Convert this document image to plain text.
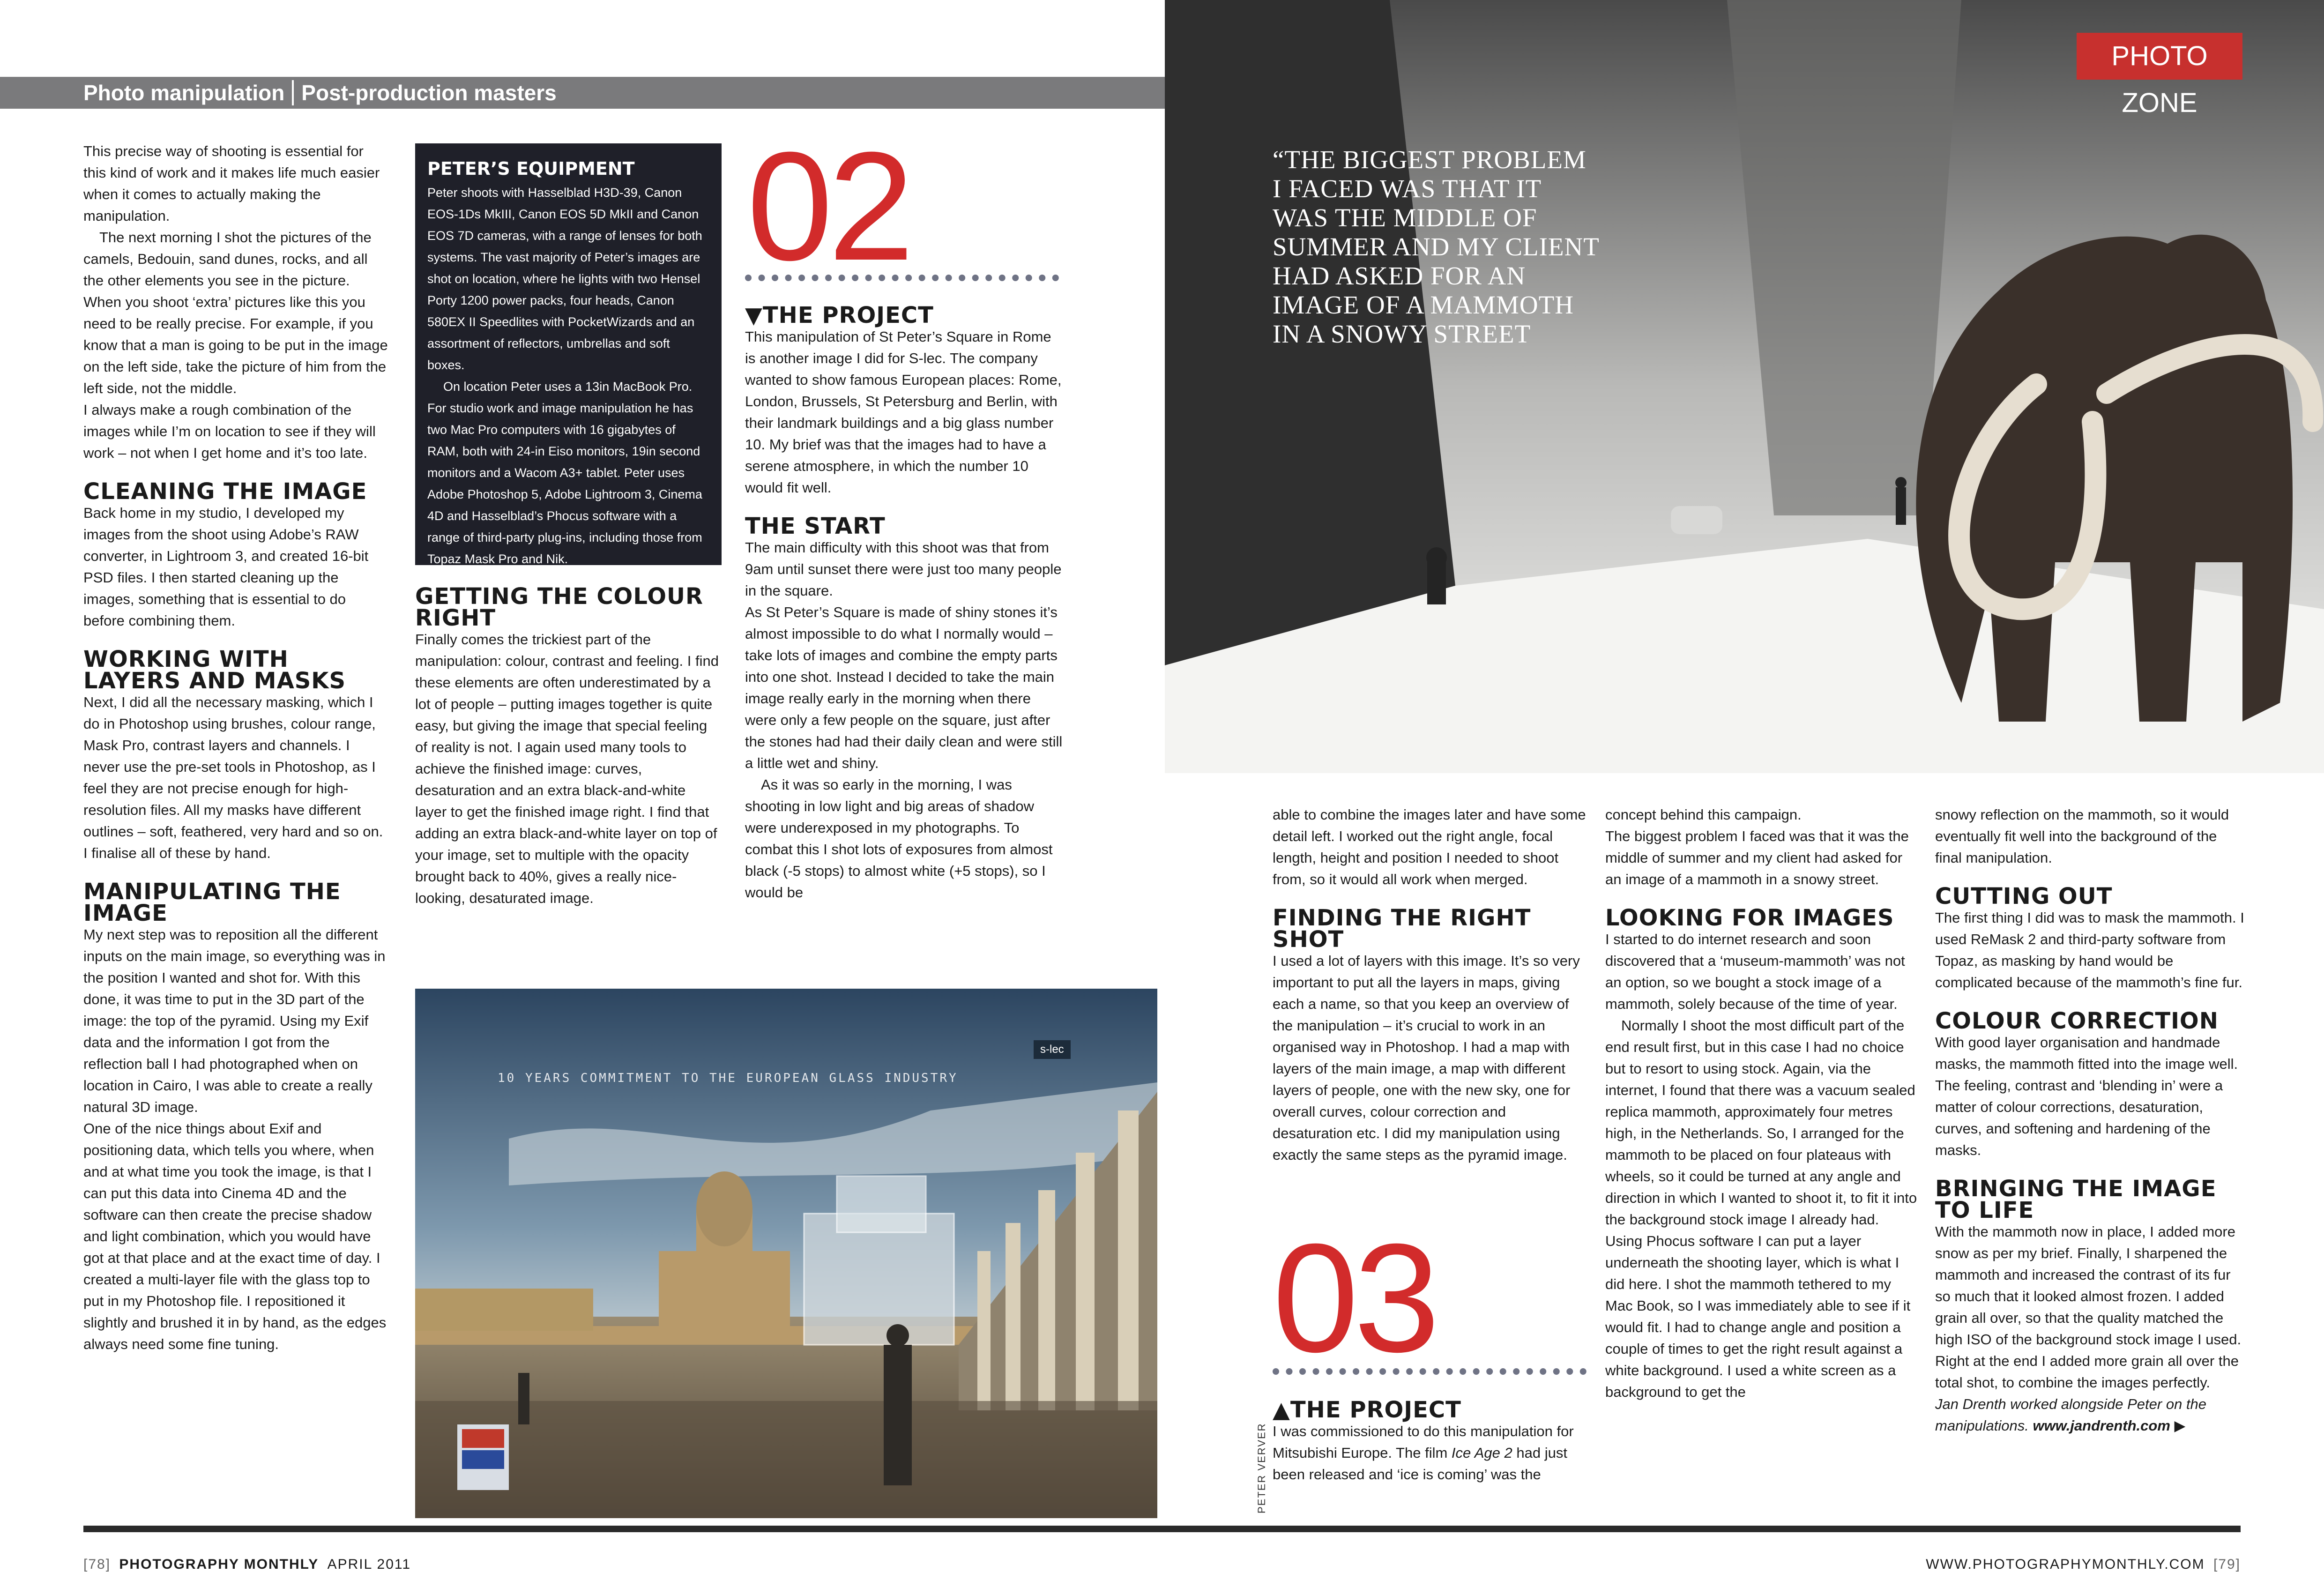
Photo manipulation Post-production masters

This precise way of shooting is essential for this kind of work and it makes life much easier when it comes to actually making the manipulation.

The next morning I shot the pictures of the camels, Bedouin, sand dunes, rocks, and all the other elements you see in the picture. When you shoot ‘extra’ pictures like this you need to be really precise. For example, if you know that a man is going to be put in the image on the left side, take the picture of him from the left side, not the middle.

I always make a rough combination of the images while I’m on location to see if they will work – not when I get home and it’s too late.

CLEANING THE IMAGE

Back home in my studio, I developed my images from the shoot using Adobe’s RAW converter, in Lightroom 3, and created 16-bit PSD files. I then started cleaning up the images, something that is essential to do before combining them.

WORKING WITH LAYERS AND MASKS

Next, I did all the necessary masking, which I do in Photoshop using brushes, colour range, Mask Pro, contrast layers and channels. I never use the pre-set tools in Photoshop, as I feel they are not precise enough for high-resolution files. All my masks have different outlines – soft, feathered, very hard and so on. I finalise all of these by hand.

MANIPULATING THE IMAGE

My next step was to reposition all the different inputs on the main image, so everything was in the position I wanted and shot for. With this done, it was time to put in the 3D part of the image: the top of the pyramid. Using my Exif data and the information I got from the reflection ball I had photographed when on location in Cairo, I was able to create a really natural 3D image.

One of the nice things about Exif and positioning data, which tells you where, when and at what time you took the image, is that I can put this data into Cinema 4D and the software can then create the precise shadow and light combination, which you would have got at that place and at the exact time of day. I created a multi-layer file with the glass top to put in my Photoshop file. I repositioned it slightly and brushed it in by hand, as the edges always need some fine tuning.

PETER’S EQUIPMENT

Peter shoots with Hasselblad H3D-39, Canon EOS-1Ds MkIII, Canon EOS 5D MkII and Canon EOS 7D cameras, with a range of lenses for both systems. The vast majority of Peter’s images are shot on location, where he lights with two Hensel Porty 1200 power packs, four heads, Canon 580EX II Speedlites with PocketWizards and an assortment of reflectors, umbrellas and soft boxes.

On location Peter uses a 13in MacBook Pro. For studio work and image manipulation he has two Mac Pro computers with 16 gigabytes of RAM, both with 24-in Eiso monitors, 19in second monitors and a Wacom A3+ tablet. Peter uses Adobe Photoshop 5, Adobe Lightroom 3, Cinema 4D and Hasselblad’s Phocus software with a range of third-party plug-ins, including those from Topaz Mask Pro and Nik.

GETTING THE COLOUR RIGHT

Finally comes the trickiest part of the manipulation: colour, contrast and feeling. I find these elements are often underestimated by a lot of people – putting images together is quite easy, but giving the image that special feeling of reality is not. I again used many tools to achieve the finished image: curves, desaturation and an extra black-and-white layer to get the finished image right. I find that adding an extra black-and-white layer on top of your image, set to multiple with the opacity brought back to 40%, gives a really nice-looking, desaturated image.

02
▼THE PROJECT

This manipulation of St Peter’s Square in Rome is another image I did for S-lec. The company wanted to show famous European places: Rome, London, Brussels, St Petersburg and Berlin, with their landmark buildings and a big glass number 10. My brief was that the images had to have a serene atmosphere, in which the number 10 would fit well.

THE START

The main difficulty with this shoot was that from 9am until sunset there were just too many people in the square.

As St Peter’s Square is made of shiny stones it’s almost impossible to do what I normally would – take lots of images and combine the empty parts into one shot. Instead I decided to take the main image really early in the morning when there were only a few people on the square, just after the stones had had their daily clean and were still a little wet and shiny.

As it was so early in the morning, I was shooting in low light and big areas of shadow were underexposed in my photographs. To combat this I shot lots of exposures from almost black (-5 stops) to almost white (+5 stops), so I would be

10 YEARS COMMITMENT TO THE EUROPEAN GLASS INDUSTRY
s-lec
“THE BIGGEST PROBLEM I FACED WAS THAT IT WAS THE MIDDLE OF SUMMER AND MY CLIENT HAD ASKED FOR AN IMAGE OF A MAMMOTH IN A SNOWY STREET
PHOTO ZONE

able to combine the images later and have some detail left. I worked out the right angle, focal length, height and position I needed to shoot from, so it would all work when merged.

FINDING THE RIGHT SHOT

I used a lot of layers with this image. It’s so very important to put all the layers in maps, giving each a name, so that you keep an overview of the manipulation – it’s crucial to work in an organised way in Photoshop. I had a map with layers of the main image, a map with different layers of people, one with the new sky, one for overall curves, colour correction and desaturation etc. I did my manipulation using exactly the same steps as the pyramid image.

03
▲THE PROJECT

I was commissioned to do this manipulation for Mitsubishi Europe. The film Ice Age 2 had just been released and ‘ice is coming’ was the

PETER VERVER

concept behind this campaign.

The biggest problem I faced was that it was the middle of summer and my client had asked for an image of a mammoth in a snowy street.

LOOKING FOR IMAGES

I started to do internet research and soon discovered that a ‘museum-mammoth’ was not an option, so we bought a stock image of a mammoth, solely because of the time of year.

Normally I shoot the most difficult part of the end result first, but in this case I had no choice but to resort to using stock. Again, via the internet, I found that there was a vacuum sealed replica mammoth, approximately four metres high, in the Netherlands. So, I arranged for the mammoth to be placed on four plateaus with wheels, so it could be turned at any angle and direction in which I wanted to shoot it, to fit it into the background stock image I already had. Using Phocus software I can put a layer underneath the shooting layer, which is what I did here. I shot the mammoth tethered to my Mac Book, so I was immediately able to see if it would fit. I had to change angle and position a couple of times to get the right result against a white background. I used a white screen as a background to get the

snowy reflection on the mammoth, so it would eventually fit well into the background of the final manipulation.

CUTTING OUT

The first thing I did was to mask the mammoth. I used ReMask 2 and third-party software from Topaz, as masking by hand would be complicated because of the mammoth’s fine fur.

COLOUR CORRECTION

With good layer organisation and handmade masks, the mammoth fitted into the image well. The feeling, contrast and ‘blending in’ were a matter of colour corrections, desaturation, curves, and softening and hardening of the masks.

BRINGING THE IMAGE TO LIFE

With the mammoth now in place, I added more snow as per my brief. Finally, I sharpened the mammoth and increased the contrast of its fur so much that it looked almost frozen. I added grain all over, so that the quality matched the high ISO of the background stock image I used. Right at the end I added more grain all over the total shot, to combine the images perfectly.

Jan Drenth worked alongside Peter on the manipulations. www.jandrenth.com ▶

[78] PHOTOGRAPHY MONTHLY APRIL 2011	WWW.PHOTOGRAPHYMONTHLY.COM [79]
